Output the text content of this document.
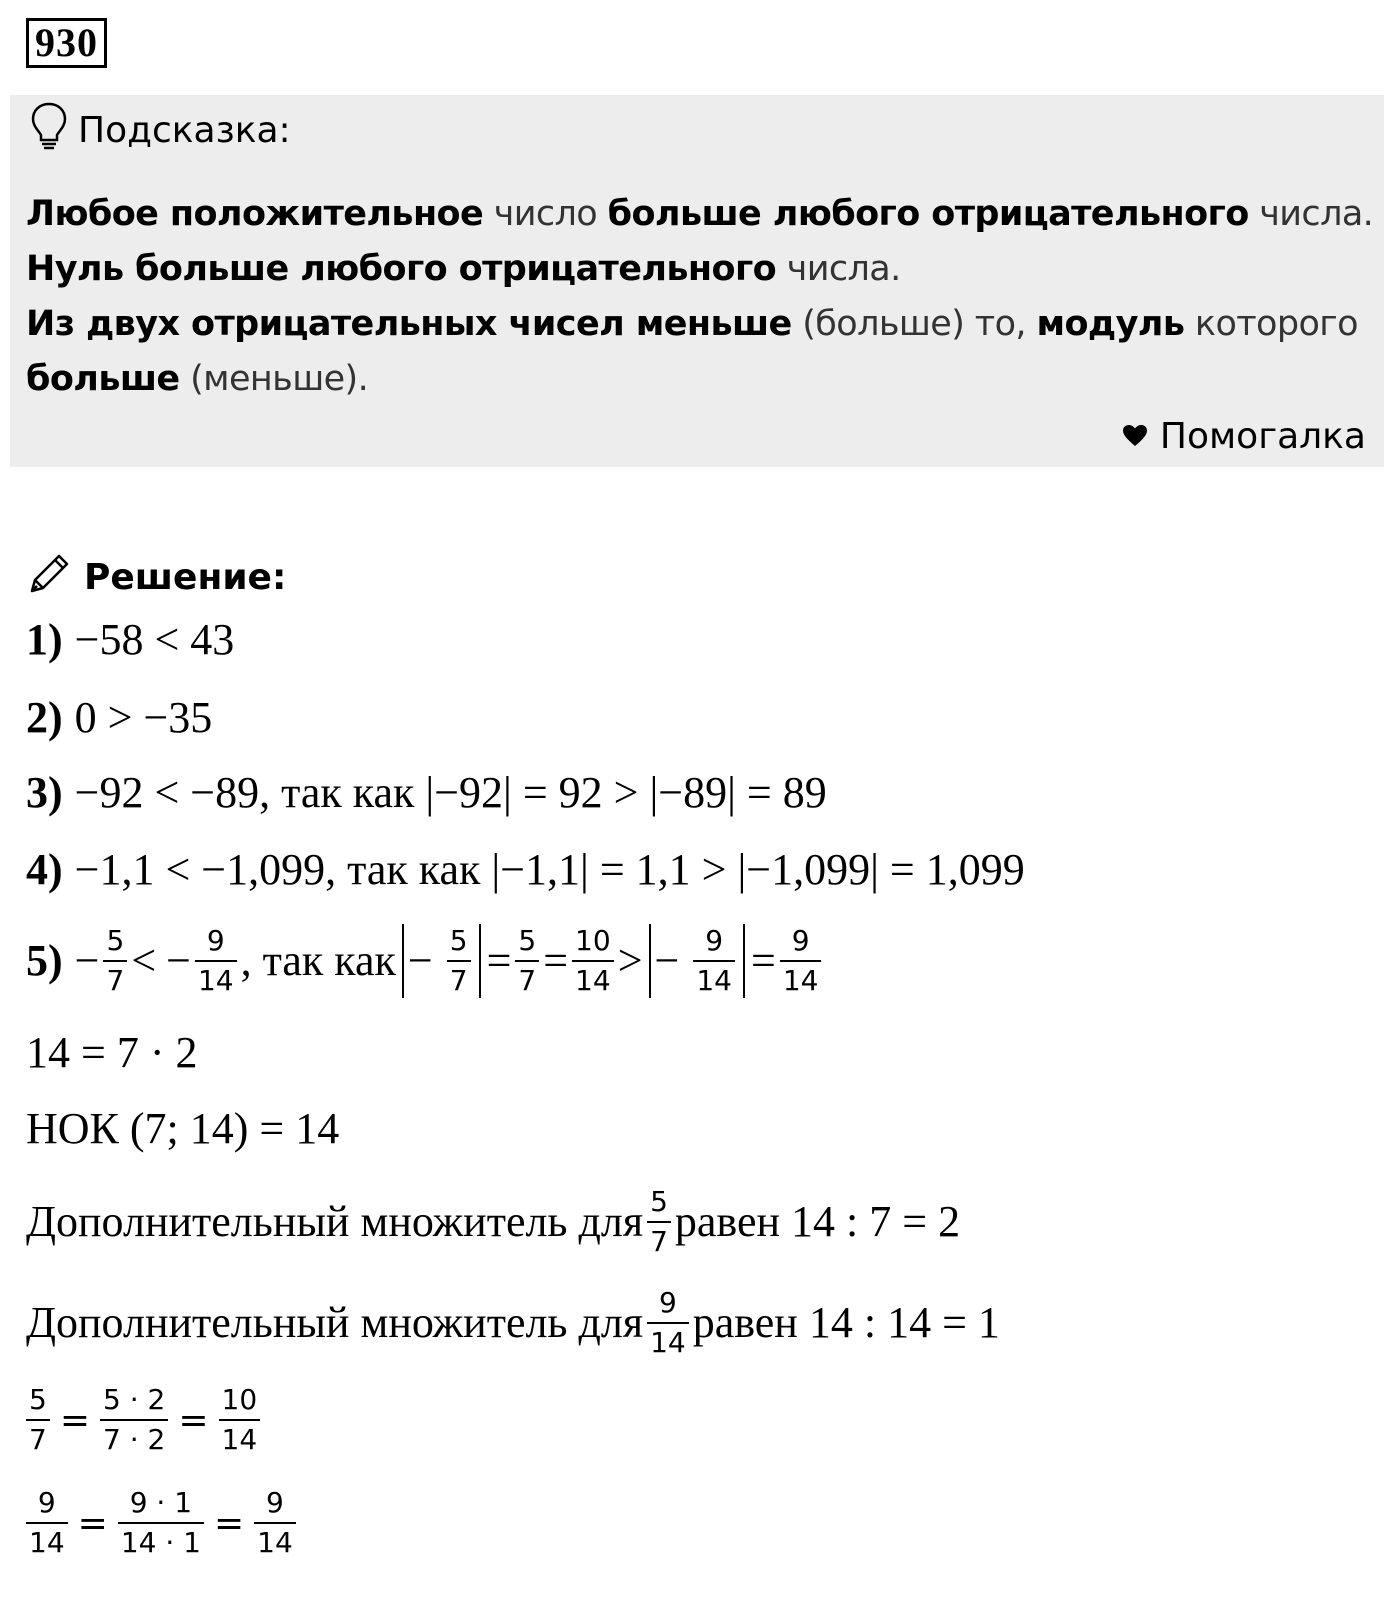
930
Подсказка:
Любое положительное число больше любого отрицательного числа.
Нуль больше любого отрицательного числа.
Из двух отрицательных чисел меньше (больше) то, модуль которого
больше (меньше).
Помогалка
Решение:
1) −58 < 43
2) 0 > −35
3) −92 < −89, так как |−92| = 92 > |−89| = 89
4) −1,1 < −1,099, так как |−1,1| = 1,1 > |−1,099| = 1,099
$5) - \frac{5}{7}$ < − $\frac{9}{14}$ , так как − $\frac{5}{7} = \frac{5}{7} = \frac{10}{14}$ > − $\frac{9}{14} = \frac{9}{14}$
14 = 7 · 2
НОК (7; 14) = 14
Дополнительный множитель для $\frac{5}{7}$ равен 14 : 7 = 2
Дополнительный множитель для $\frac{9}{14}$ равен 14 : 14 = 1
$\frac{5}{7} = \frac{5 \cdot 2}{7 \cdot 2} = \frac{10}{14}$
$\frac{9}{14} = \frac{9 \cdot 1}{14 \cdot 1} = \frac{9}{14}$
